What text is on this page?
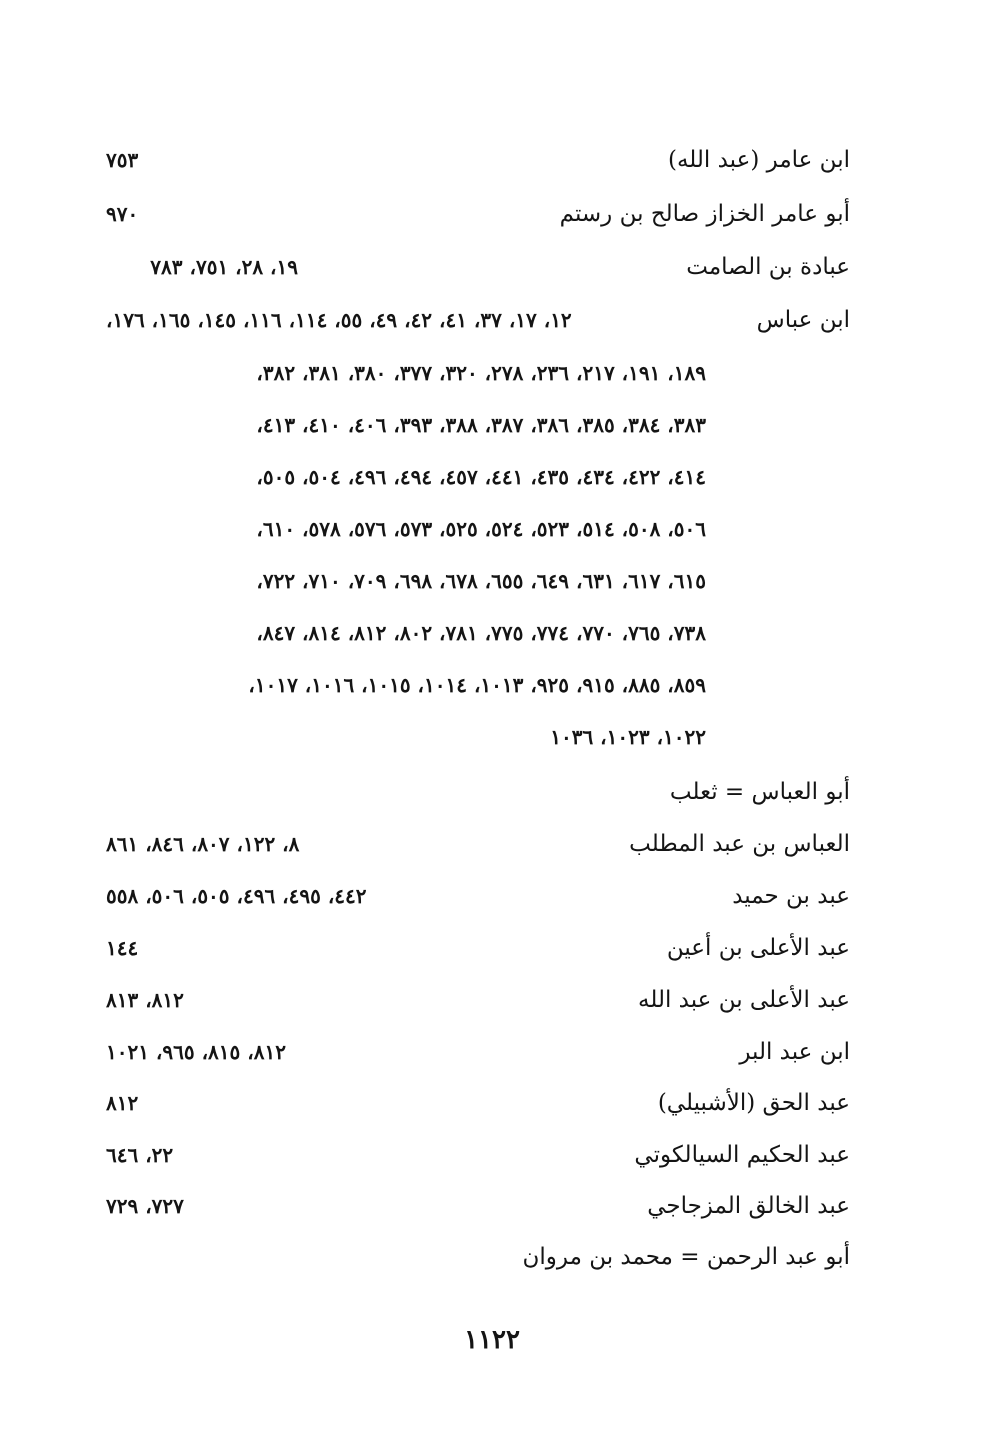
ابن عامر (عبد الله)
٧٥٣
أبو عامر الخزاز صالح بن رستم
٩٧٠
عبادة بن الصامت
١٩، ٢٨، ٧٥١، ٧٨٣
ابن عباس
١٢، ١٧، ٣٧، ٤١، ٤٢، ٤٩، ٥٥، ١١٤، ١١٦، ١٤٥، ١٦٥، ١٧٦،
١٨٩، ١٩١، ٢١٧، ٢٣٦، ٢٧٨، ٣٢٠، ٣٧٧، ٣٨٠، ٣٨١، ٣٨٢،
٣٨٣، ٣٨٤، ٣٨٥، ٣٨٦، ٣٨٧، ٣٨٨، ٣٩٣، ٤٠٦، ٤١٠، ٤١٣،
٤١٤، ٤٢٢، ٤٣٤، ٤٣٥، ٤٤١، ٤٥٧، ٤٩٤، ٤٩٦، ٥٠٤، ٥٠٥،
٥٠٦، ٥٠٨، ٥١٤، ٥٢٣، ٥٢٤، ٥٢٥، ٥٧٣، ٥٧٦، ٥٧٨، ٦١٠،
٦١٥، ٦١٧، ٦٣١، ٦٤٩، ٦٥٥، ٦٧٨، ٦٩٨، ٧٠٩، ٧١٠، ٧٢٢،
٧٣٨، ٧٦٥، ٧٧٠، ٧٧٤، ٧٧٥، ٧٨١، ٨٠٢، ٨١٢، ٨١٤، ٨٤٧،
٨٥٩، ٨٨٥، ٩١٥، ٩٢٥، ١٠١٣، ١٠١٤، ١٠١٥، ١٠١٦، ١٠١٧،
١٠٢٢، ١٠٢٣، ١٠٣٦
أبو العباس = ثعلب
العباس بن عبد المطلب
٨، ١٢٢، ٨٠٧، ٨٤٦، ٨٦١
عبد بن حميد
٤٤٢، ٤٩٥، ٤٩٦، ٥٠٥، ٥٠٦، ٥٥٨
عبد الأعلى بن أعين
١٤٤
عبد الأعلى بن عبد الله
٨١٢، ٨١٣
ابن عبد البر
٨١٢، ٨١٥، ٩٦٥، ١٠٢١
عبد الحق (الأشبيلي)
٨١٢
عبد الحكيم السيالكوتي
٢٢، ٦٤٦
عبد الخالق المزجاجي
٧٢٧، ٧٢٩
أبو عبد الرحمن = محمد بن مروان
١١٢٢
